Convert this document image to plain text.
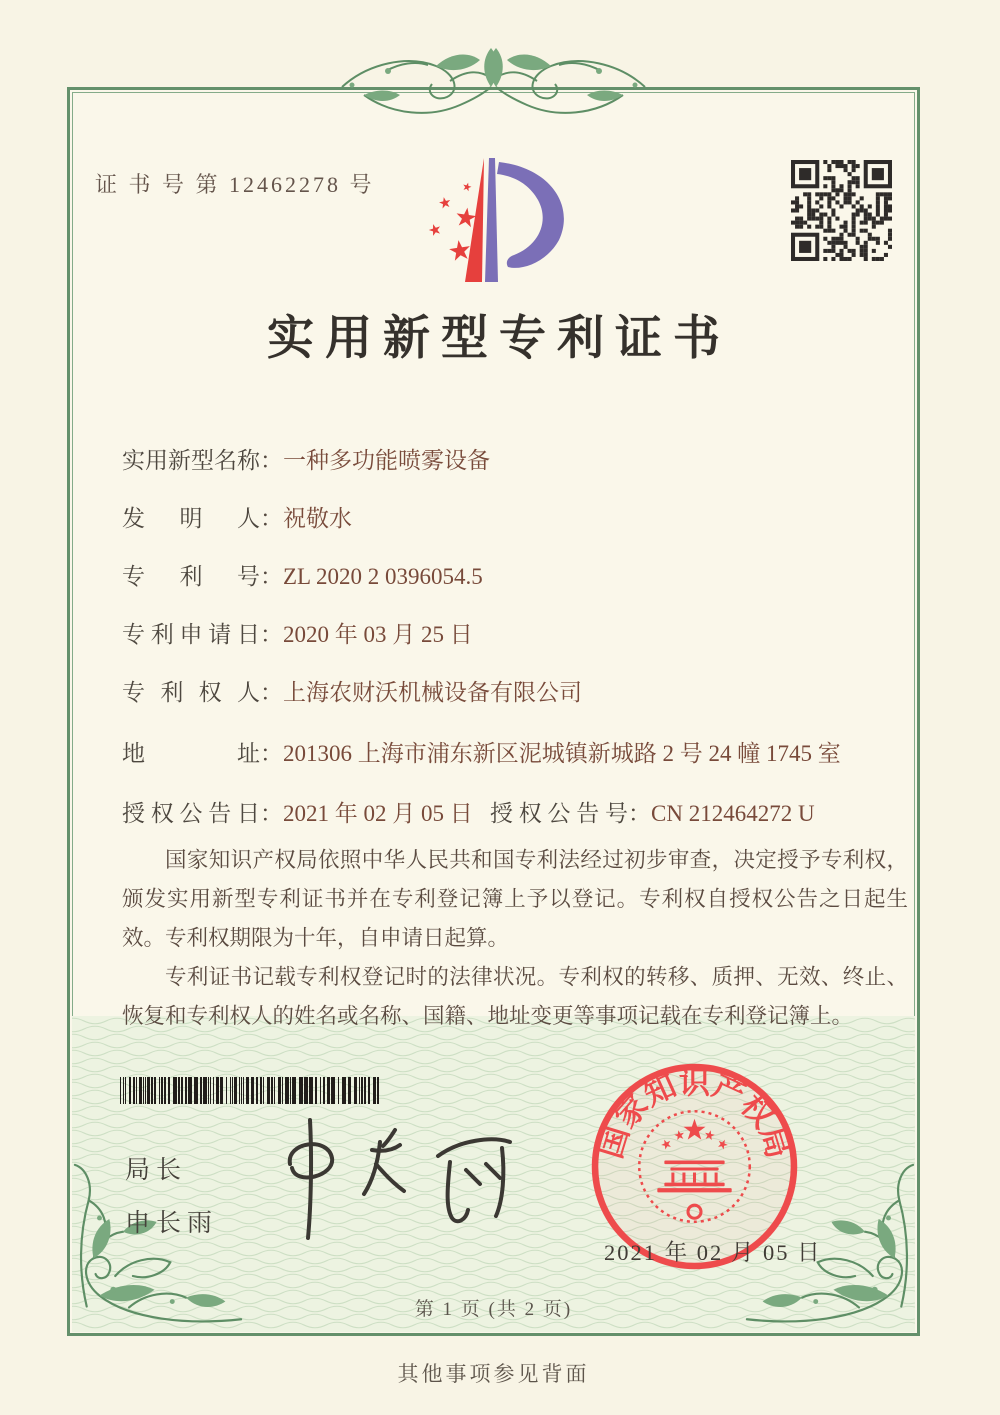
证 书 号 第 12462278 号
实用新型专利证书
实用新型名称：一种多功能喷雾设备
发明人：祝敬水
专利号：ZL 2020 2 0396054.5
专利申请日：2020 年 03 月 25 日
专利权人：上海农财沃机械设备有限公司
地址：201306 上海市浦东新区泥城镇新城路 2 号 24 幢 1745 室
授权公告日：2021 年 02 月 05 日 授权公告号：CN 212464272 U

国家知识产权局依照中华人民共和国专利法经过初步审查，决定授予专利权，颁发实用新型专利证书并在专利登记簿上予以登记。专利权自授权公告之日起生效。专利权期限为十年，自申请日起算。

专利证书记载专利权登记时的法律状况。专利权的转移、质押、无效、终止、恢复和专利权人的姓名或名称、国籍、地址变更等事项记载在专利登记簿上。

局长
申长雨
国家知识产权局
2021 年 02 月 05 日
第 1 页 (共 2 页)
其他事项参见背面
